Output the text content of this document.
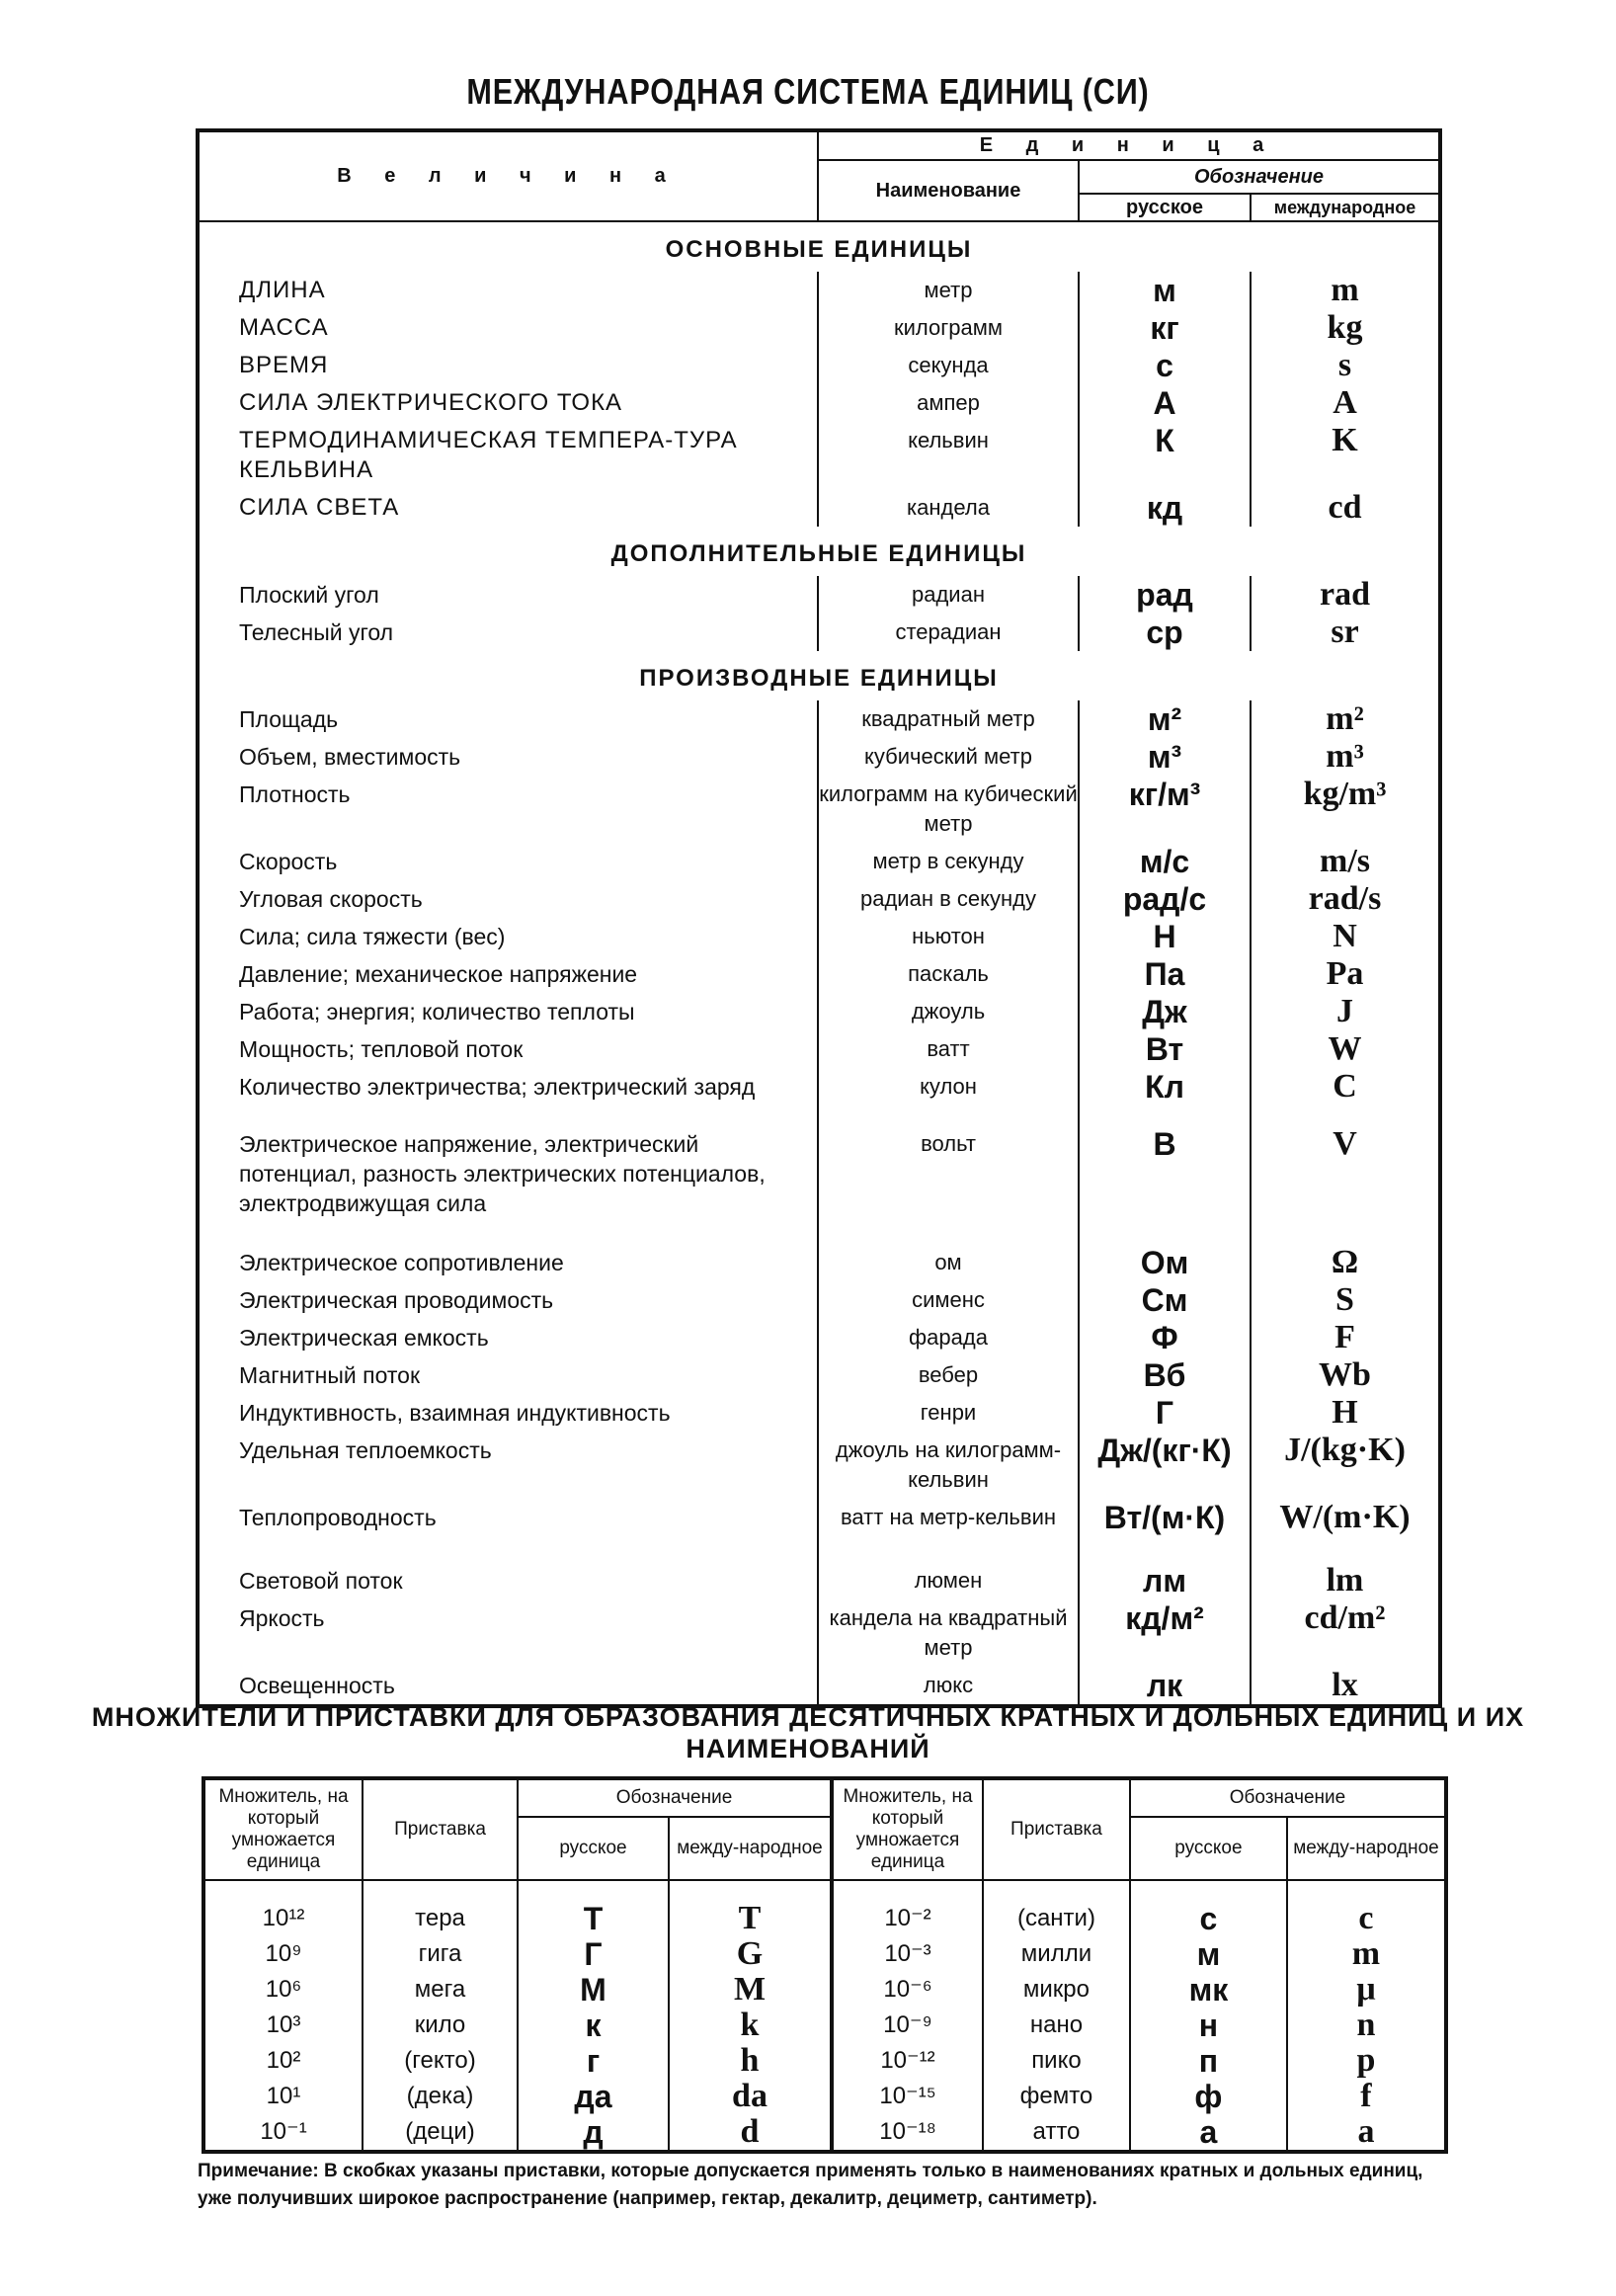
МЕЖДУНАРОДНАЯ СИСТЕМА ЕДИНИЦ (СИ)
В е л и ч и н а	Е д и н и ц а		
	Наименование	Обозначение	
		русское	международное
ОСНОВНЫЕ ЕДИНИЦЫ			
ДЛИНА	метр	м	m
МАССА	килограмм	кг	kg
ВРЕМЯ	секунда	с	s
СИЛА ЭЛЕКТРИЧЕСКОГО ТОКА	ампер	А	A
ТЕРМОДИНАМИЧЕСКАЯ ТЕМПЕРА-ТУРА КЕЛЬВИНА	кельвин	К	K
СИЛА СВЕТА	кандела	кд	cd
ДОПОЛНИТЕЛЬНЫЕ ЕДИНИЦЫ			
Плоский угол	радиан	рад	rad
Телесный угол	стерадиан	ср	sr
ПРОИЗВОДНЫЕ ЕДИНИЦЫ			
Площадь	квадратный метр	м²	m²
Объем, вместимость	кубический метр	м³	m³
Плотность	килограмм на кубический метр	кг/м³	kg/m³
Скорость	метр в секунду	м/с	m/s
Угловая скорость	радиан в секунду	рад/с	rad/s
Сила; сила тяжести (вес)	ньютон	Н	N
Давление; механическое напряжение	паскаль	Па	Pa
Работа; энергия; количество теплоты	джоуль	Дж	J
Мощность; тепловой поток	ватт	Вт	W
Количество электричества; электрический заряд	кулон	Кл	C
Электрическое напряжение, электрический потенциал, разность электрических потенциалов, электродвижущая сила	вольт	В	V
Электрическое сопротивление	ом	Ом	Ω
Электрическая проводимость	сименс	См	S
Электрическая емкость	фарада	Ф	F
Магнитный поток	вебер	Вб	Wb
Индуктивность, взаимная индуктивность	генри	Г	H
Удельная теплоемкость	джоуль на килограмм-кельвин	Дж/(кг·К)	J/(kg·K)
Теплопроводность	ватт на метр-кельвин	Вт/(м·К)	W/(m·K)
Световой поток	люмен	лм	lm
Яркость	кандела на квадратный метр	кд/м²	cd/m²
Освещенность	люкс	лк	lx
МНОЖИТЕЛИ И ПРИСТАВКИ ДЛЯ ОБРАЗОВАНИЯ ДЕСЯТИЧНЫХ КРАТНЫХ И ДОЛЬНЫХ ЕДИНИЦ И ИХ НАИМЕНОВАНИЙ
Множитель, на который умножается единица	Приставка	Обозначение		Множитель, на который умножается единица	Приставка	Обозначение	
		русское	между-народное			русское	между-народное

10¹²	тера	Т	T	10⁻²	(санти)	с	c
10⁹	гига	Г	G	10⁻³	милли	м	m
10⁶	мега	М	M	10⁻⁶	микро	мк	μ
10³	кило	к	k	10⁻⁹	нано	н	n
10²	(гекто)	г	h	10⁻¹²	пико	п	p
10¹	(дека)	да	da	10⁻¹⁵	фемто	ф	f
10⁻¹	(деци)	д	d	10⁻¹⁸	атто	а	a
Примечание: В скобках указаны приставки, которые допускается применять только в наименованиях кратных и дольных единиц, уже получивших широкое распространение (например, гектар, декалитр, дециметр, сантиметр).
